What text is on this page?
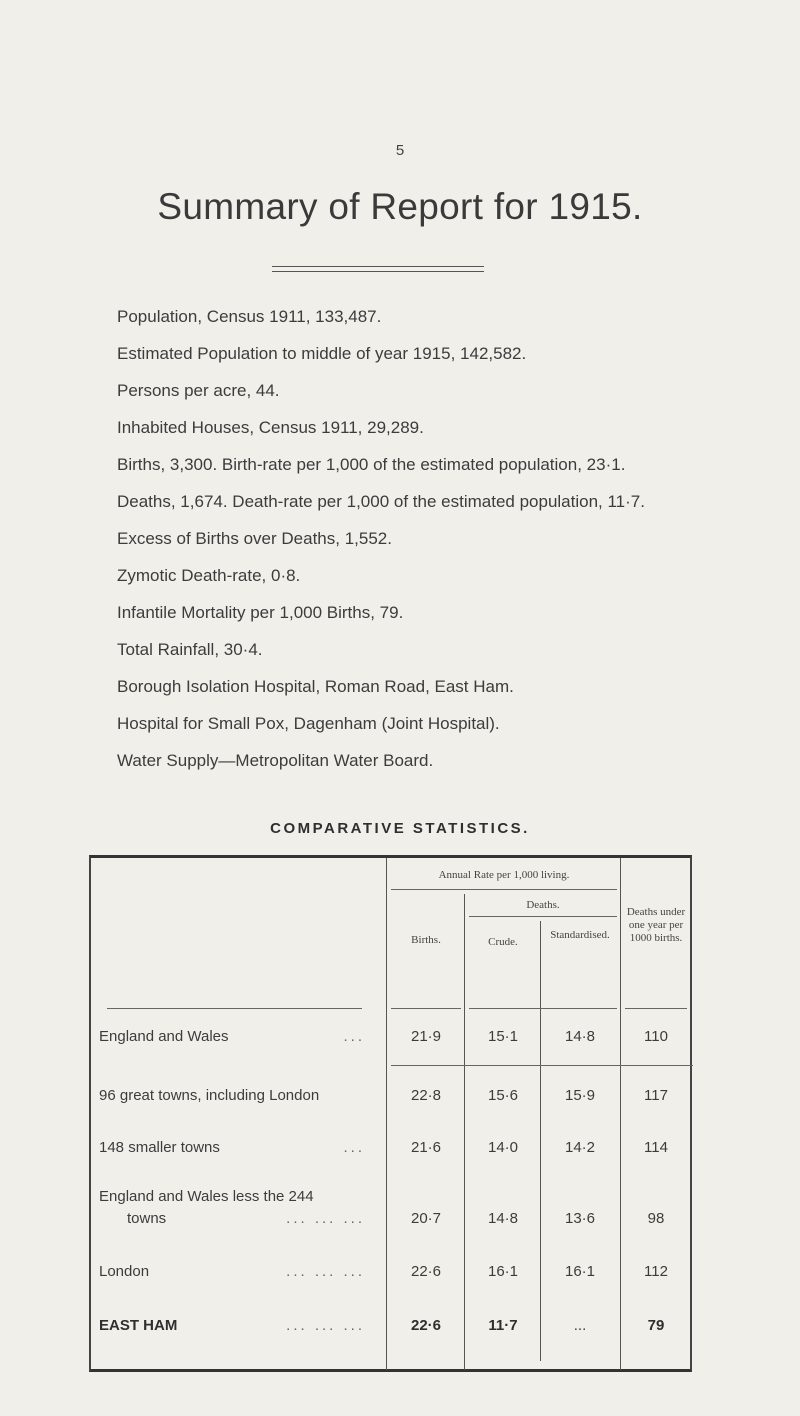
5
Summary of Report for 1915.
Population, Census 1911, 133,487.
Estimated Population to middle of year 1915, 142,582.
Persons per acre, 44.
Inhabited Houses, Census 1911, 29,289.
Births, 3,300. Birth-rate per 1,000 of the estimated population, 23·1.
Deaths, 1,674. Death-rate per 1,000 of the estimated population, 11·7.
Excess of Births over Deaths, 1,552.
Zymotic Death-rate, 0·8.
Infantile Mortality per 1,000 Births, 79.
Total Rainfall, 30·4.
Borough Isolation Hospital, Roman Road, East Ham.
Hospital for Small Pox, Dagenham (Joint Hospital).
Water Supply—Metropolitan Water Board.
COMPARATIVE STATISTICS.
Annual Rate per 1,000 living.
Deaths.
Births.	Crude.
Standardised.
Deaths under one year per 1000 births.
England and Wales	...	21·9	15·1	14·8	110
96 great towns, including London	22·8	15·6	15·9	117
148 smaller towns	...	21·6	14·0	14·2	114
England and Wales less the 244 towns	... ... ...	20·7	14·8	13·6	98
London	... ... ...	22·6	16·1	16·1	112
EAST HAM	... ... ...	22·6	11·7	...	79
